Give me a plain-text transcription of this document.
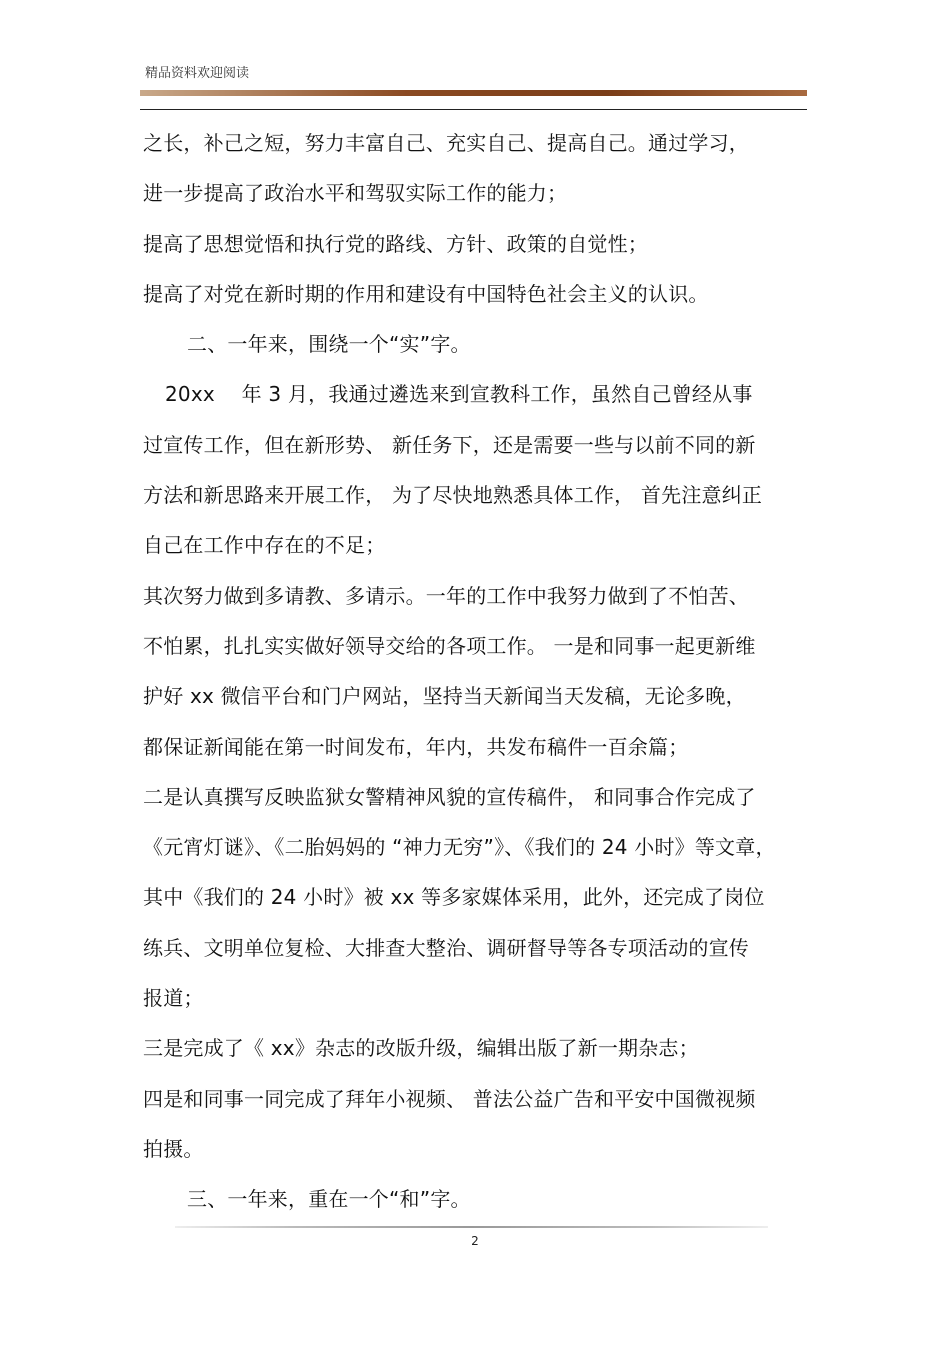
精品资料欢迎阅读
之长，补己之短，努力丰富自己、充实自己、提高自己。通过学习，
进一步提高了政治水平和驾驭实际工作的能力；
提高了思想觉悟和执行党的路线、方针、政策的自觉性；
提高了对党在新时期的作用和建设有中国特色社会主义的认识。
二、一年来，围绕一个“实”字。
20xx　 年 3 月，我通过遴选来到宣教科工作，虽然自己曾经从事
过宣传工作，但在新形势、 新任务下，还是需要一些与以前不同的新
方法和新思路来开展工作， 为了尽快地熟悉具体工作， 首先注意纠正
自己在工作中存在的不足；
其次努力做到多请教、多请示。一年的工作中我努力做到了不怕苦、
不怕累，扎扎实实做好领导交给的各项工作。 一是和同事一起更新维
护好 xx 微信平台和门户网站，坚持当天新闻当天发稿，无论多晚，
都保证新闻能在第一时间发布，年内，共发布稿件一百余篇；
二是认真撰写反映监狱女警精神风貌的宣传稿件， 和同事合作完成了
《元宵灯谜》、《二胎妈妈的 “神力无穷”》、《我们的 24 小时》等文章，
其中《我们的 24 小时》被 xx 等多家媒体采用，此外，还完成了岗位
练兵、文明单位复检、大排查大整治、调研督导等各专项活动的宣传
报道；
三是完成了《 xx》杂志的改版升级，编辑出版了新一期杂志；
四是和同事一同完成了拜年小视频、 普法公益广告和平安中国微视频
拍摄。
三、一年来，重在一个“和”字。
2
